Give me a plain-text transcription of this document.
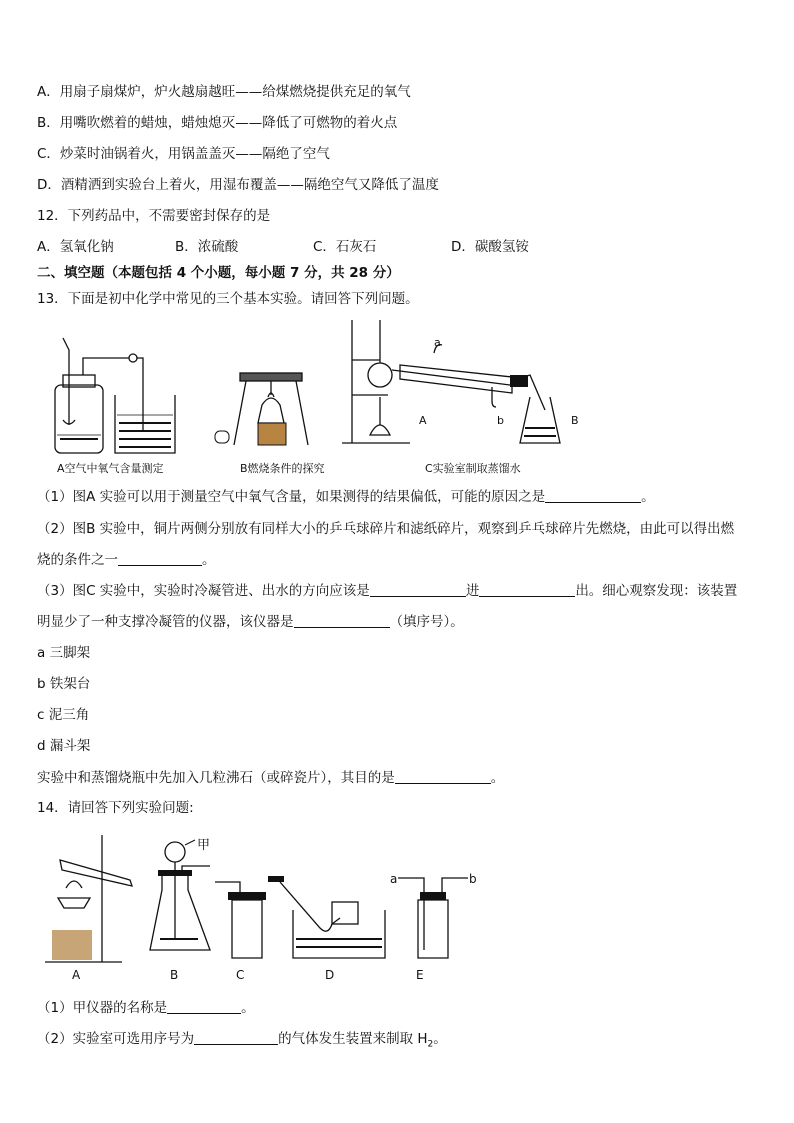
A．用扇子扇煤炉，炉火越扇越旺——给煤燃烧提供充足的氧气
B．用嘴吹燃着的蜡烛，蜡烛熄灭——降低了可燃物的着火点
C．炒菜时油锅着火，用锅盖盖灭——隔绝了空气
D．酒精洒到实验台上着火，用湿布覆盖——隔绝空气又降低了温度
12．下列药品中，不需要密封保存的是
A．氢氧化钠	B．浓硫酸	C．石灰石	D．碳酸氢铵
二、填空题（本题包括 4 个小题，每小题 7 分，共 28 分）
13．下面是初中化学中常见的三个基本实验。请回答下列问题。
A空气中氧气含量测定	B燃烧条件的探究
a
b
A	B
C实验室制取蒸馏水
（1）图A 实验可以用于测量空气中氧气含量，如果测得的结果偏低，可能的原因之是	。
（2）图B 实验中，铜片两侧分别放有同样大小的乒乓球碎片和滤纸碎片，观察到乒乓球碎片先燃烧，由此可以得出燃
烧的条件之一	。
（3）图C 实验中，实验时冷凝管进、出水的方向应该是	进	出。细心观察发现：该装置
明显少了一种支撑冷凝管的仪器，该仪器是	（填序号）。
a 三脚架
b 铁架台
c 泥三角
d 漏斗架
实验中和蒸馏烧瓶中先加入几粒沸石（或碎瓷片），其目的是	。
14．请回答下列实验问题:
甲
a	b
A	B	C	D	E
（1）甲仪器的名称是	。
（2）实验室可选用序号为	的气体发生装置来制取 $H_2$。
